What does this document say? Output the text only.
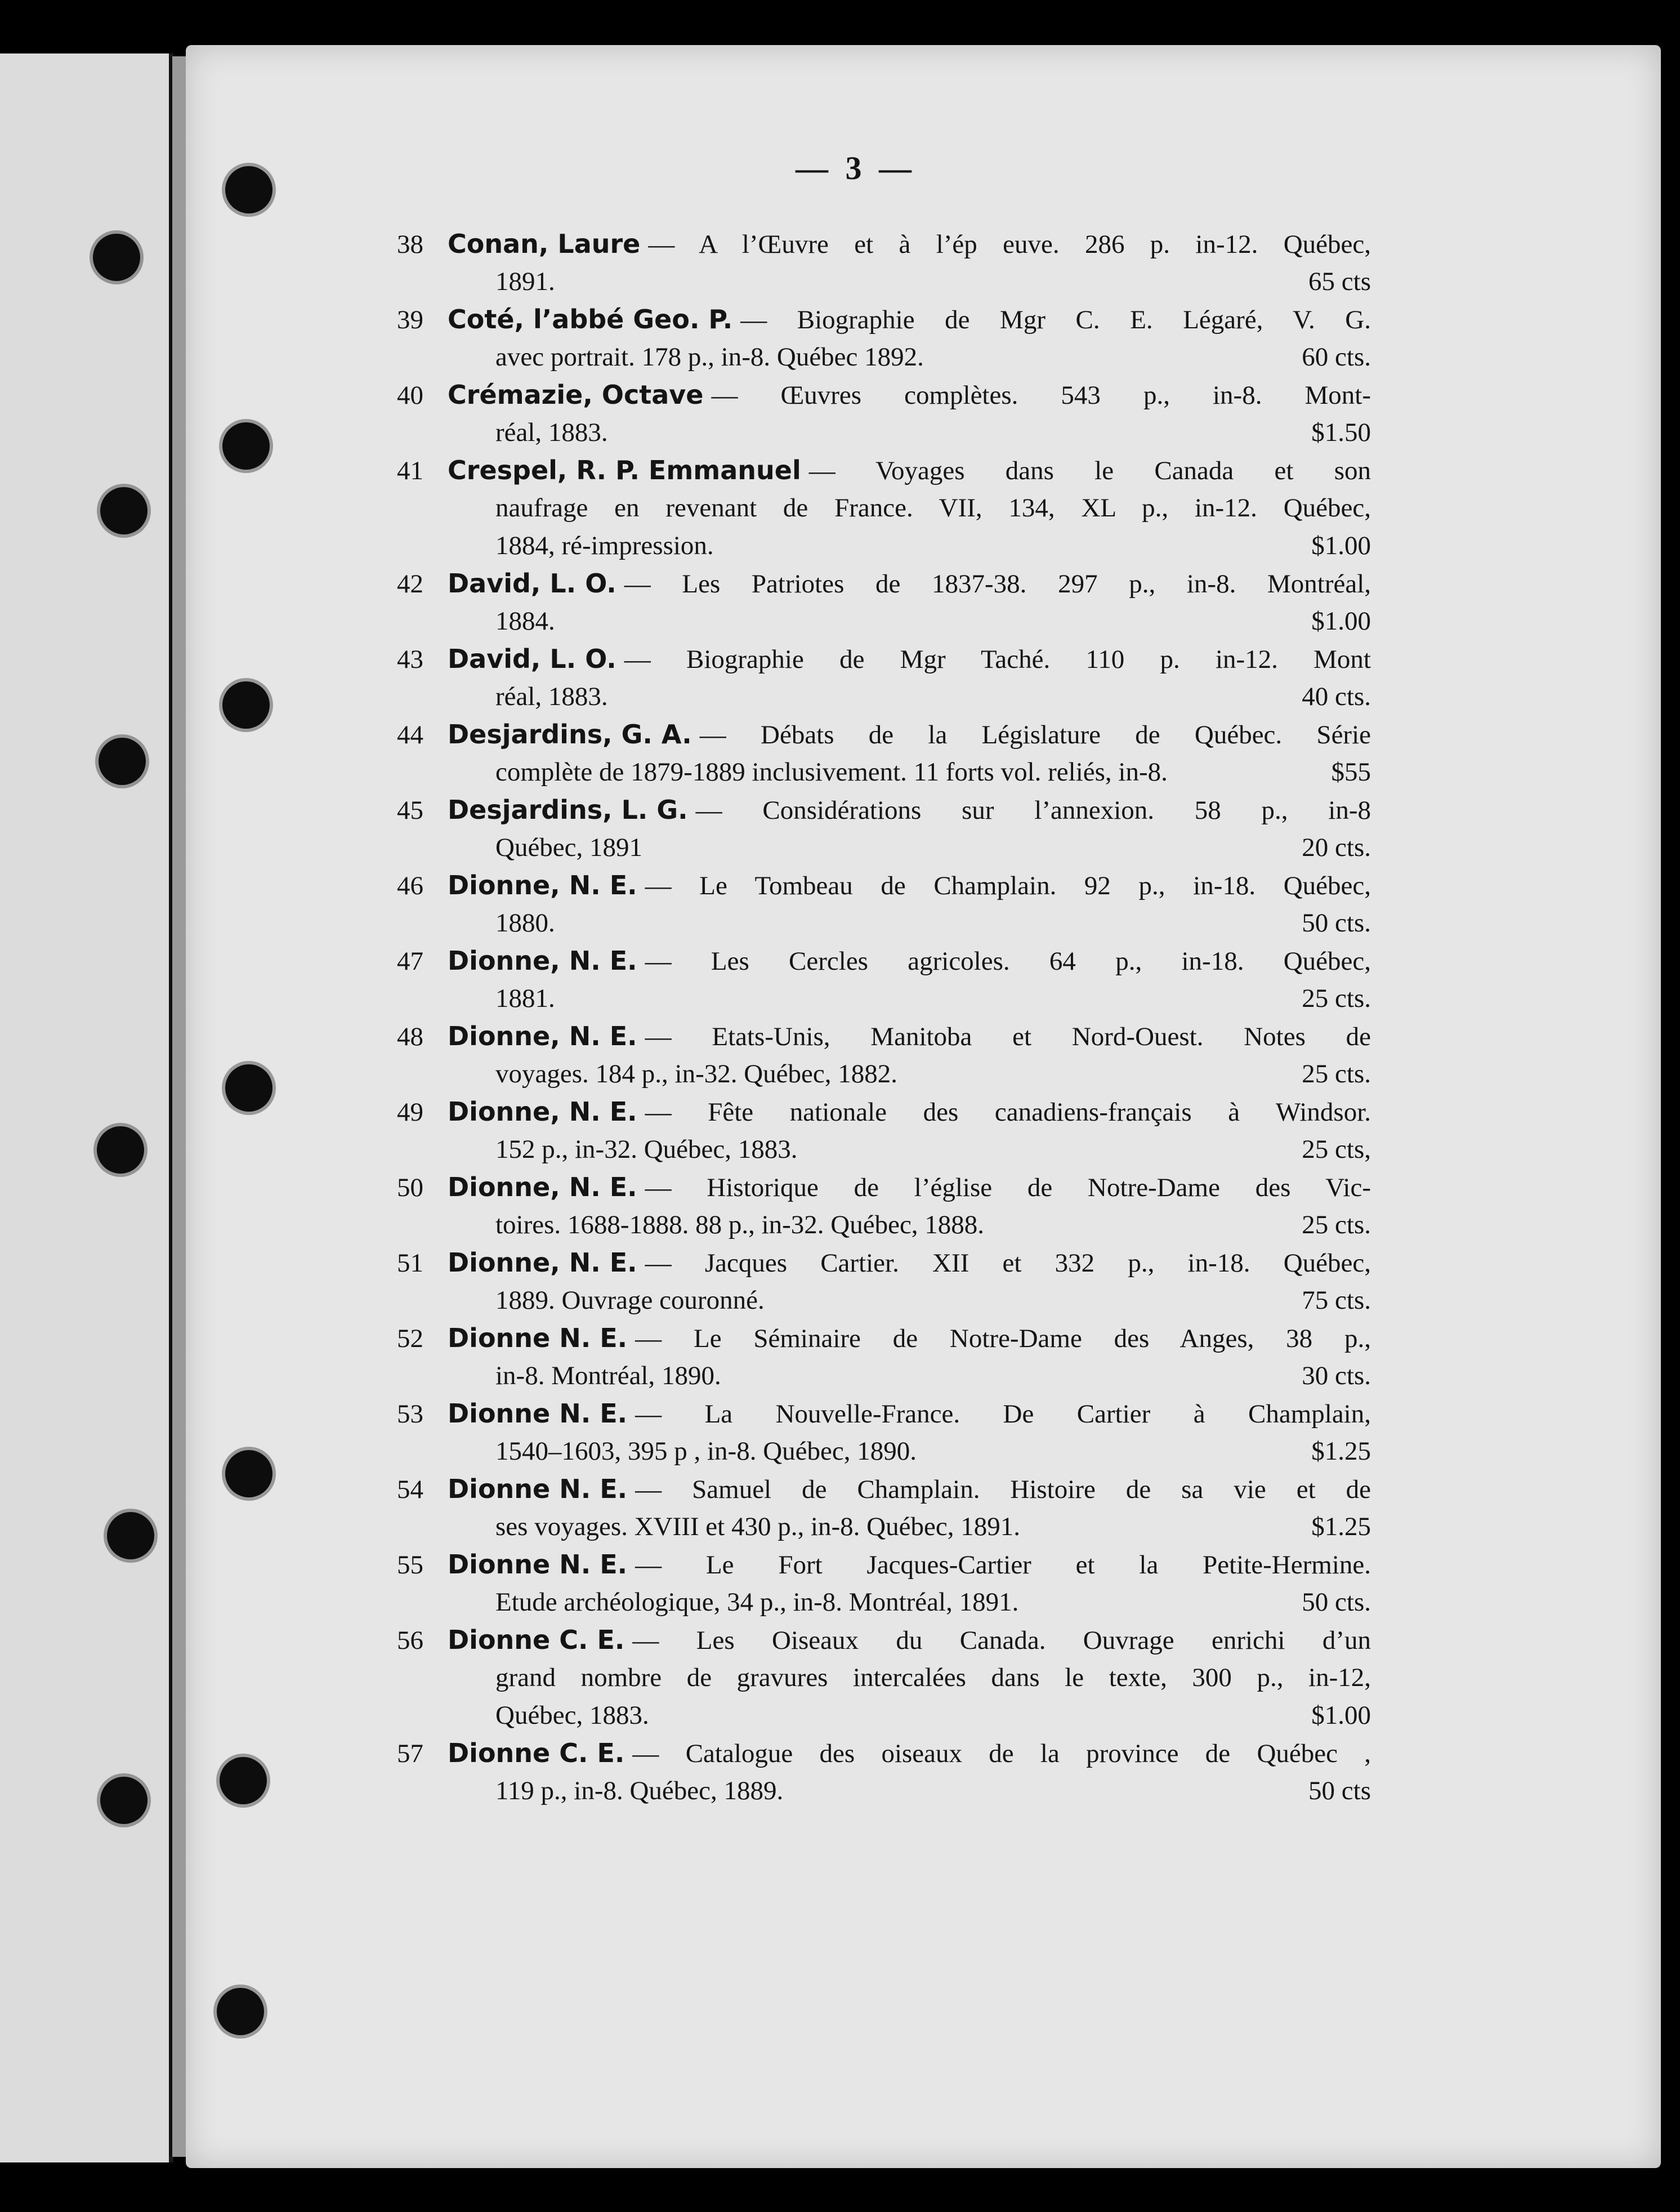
— 3 —
38 Conan, Laure — A l’Œuvre et à l’ép euve. 286 p. in-12. Québec,
1891.	65 cts
39 Coté, l’abbé Geo. P. — Biographie de Mgr C. E. Légaré, V. G.
avec portrait. 178 p., in-8. Québec 1892.	60 cts.
40 Crémazie, Octave — Œuvres complètes. 543 p., in-8. Mont-
réal, 1883.	$1.50
41 Crespel, R. P. Emmanuel — Voyages dans le Canada et son
naufrage en revenant de France. VII, 134, XL p., in-12. Québec,
1884, ré-impression.	$1.00
42 David, L. O. — Les Patriotes de 1837-38. 297 p., in-8. Montréal,
1884.	$1.00
43 David, L. O. — Biographie de Mgr Taché. 110 p. in-12. Mont
réal, 1883.	40 cts.
44 Desjardins, G. A. — Débats de la Législature de Québec. Série
complète de 1879-1889 inclusivement. 11 forts vol. reliés, in-8.	$55
45 Desjardins, L. G. — Considérations sur l’annexion. 58 p., in-8
Québec, 1891	20 cts.
46 Dionne, N. E. — Le Tombeau de Champlain. 92 p., in-18. Québec,
1880.	50 cts.
47 Dionne, N. E. — Les Cercles agricoles. 64 p., in-18. Québec,
1881.	25 cts.
48 Dionne, N. E. — Etats-Unis, Manitoba et Nord-Ouest. Notes de
voyages. 184 p., in-32. Québec, 1882.	25 cts.
49 Dionne, N. E. — Fête nationale des canadiens-français à Windsor.
152 p., in-32. Québec, 1883.	25 cts,
50 Dionne, N. E. — Historique de l’église de Notre-Dame des Vic-
toires. 1688-1888. 88 p., in-32. Québec, 1888.	25 cts.
51 Dionne, N. E. — Jacques Cartier. XII et 332 p., in-18. Québec,
1889. Ouvrage couronné.	75 cts.
52 Dionne N. E. — Le Séminaire de Notre-Dame des Anges, 38 p.,
in-8. Montréal, 1890.	30 cts.
53 Dionne N. E. — La Nouvelle-France. De Cartier à Champlain,
1540–1603, 395 p , in-8. Québec, 1890.	$1.25
54 Dionne N. E. — Samuel de Champlain. Histoire de sa vie et de
ses voyages. XVIII et 430 p., in-8. Québec, 1891.	$1.25
55 Dionne N. E. — Le Fort Jacques-Cartier et la Petite-Hermine.
Etude archéologique, 34 p., in-8. Montréal, 1891.	50 cts.
56 Dionne C. E. — Les Oiseaux du Canada. Ouvrage enrichi d’un
grand nombre de gravures intercalées dans le texte, 300 p., in-12,
Québec, 1883.	$1.00
57 Dionne C. E. — Catalogue des oiseaux de la province de Québec ,
119 p., in-8. Québec, 1889.	50 cts
